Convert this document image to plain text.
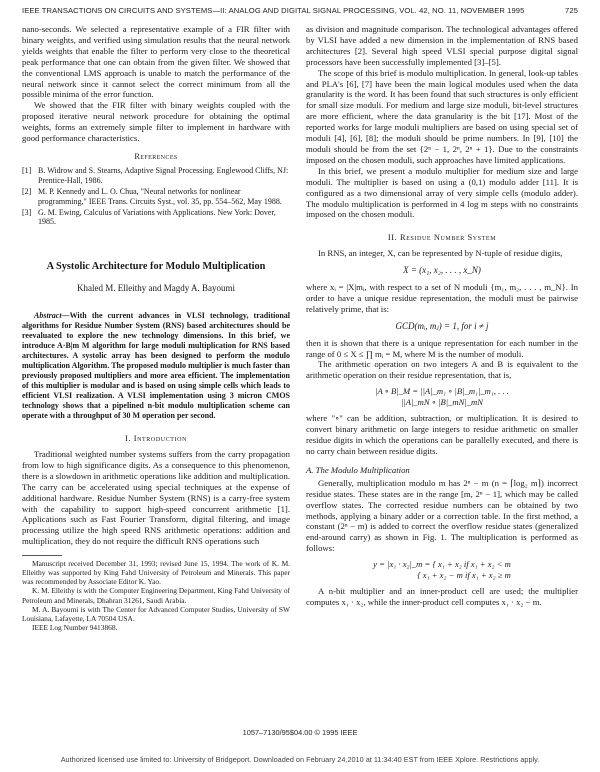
IEEE TRANSACTIONS ON CIRCUITS AND SYSTEMS—II: ANALOG AND DIGITAL SIGNAL PROCESSING, VOL. 42, NO. 11, NOVEMBER 1995	725

nano-seconds. We selected a representative example of a FIR filter with binary weights, and verified using simulation results that the neural network yields weights that enable the filter to perform very close to the theoretical peak performance that one can obtain from the given filter. We showed that the conventional LMS approach is unable to match the performance of the neural network since it cannot select the correct minimum from all the possible minima of the error function.

We showed that the FIR filter with binary weights coupled with the proposed iterative neural network procedure for obtaining the optimal weights, forms an extremely simple filter to implement in hardware with good performance characteristics.

References
[1] B. Widrow and S. Stearns, Adaptive Signal Processing. Englewood Cliffs, NJ: Prentice-Hall, 1986.
[2] M. P. Kennedy and L. O. Chua, "Neural networks for nonlinear programming," IEEE Trans. Circuits Syst., vol. 35, pp. 554–562, May 1988.
[3] G. M. Ewing, Calculus of Variations with Applications. New York: Dover, 1985.
A Systolic Architecture for Modulo Multiplication
Khaled M. Elleithy and Magdy A. Bayoumi

Abstract—With the current advances in VLSI technology, traditional algorithms for Residue Number System (RNS) based architectures should be reevaluated to explore the new technology dimensions. In this brief, we introduce A·B|m M algorithm for large moduli multiplication for RNS based architectures. A systolic array has been designed to perform the modulo multiplication Algorithm. The proposed modulo multiplier is much faster than previously proposed multipliers and more area efficient. The implementation of this multiplier is modular and is based on using simple cells which leads to efficient VLSI realization. A VLSI implementation using 3 micron CMOS technology shows that a pipelined n-bit modulo multiplication scheme can operate with a throughput of 30 M operation per second.

I. Introduction

Traditional weighted number systems suffers from the carry propagation from low to high significance digits. As a consequence to this phenomenon, there is a slowdown in arithmetic operations like addition and multiplication. The carry can be accelerated using special techniques at the expense of additional hardware. Residue Number System (RNS) is a carry-free system with the capability to support high-speed concurrent arithmetic [1]. Applications such as Fast Fourier Transform, digital filtering, and image processing utilize the high speed RNS arithmetic operations: addition and multiplication, they do not require the difficult RNS operations such

Manuscript received December 31, 1993; revised June 15, 1994. The work of K. M. Elleithy was supported by King Fahd University of Petroleum and Minerals. This paper was recommended by Associate Editor K. Yao.

K. M. Elleithy is with the Computer Engineering Department, King Fahd University of Petroleum and Minerals, Dhahran 31261, Saudi Arabia.

M. A. Bayoumi is with The Center for Advanced Computer Studies, University of SW Louisiana, Lafayette, LA 70504 USA.

IEEE Log Number 9413868.

as division and magnitude comparison. The technological advantages offered by VLSI have added a new dimension in the implementation of RNS based architectures [2]. Several high speed VLSI special purpose digital signal processors have been successfully implemented [3]–[5].

The scope of this brief is modulo multiplication. In general, look-up tables and PLA's [6], [7] have been the main logical modules used when the data granularity is the word. It has been found that such structures is only efficient for small size moduli. For medium and large size moduli, bit-level structures are more efficient, where the data granularity is the bit [17]. Most of the reported works for large moduli multipliers are based on using special set of moduli [4], [6], [8]; the moduli should be prime numbers. In [9], [10] the moduli should be from the set {2ⁿ − 1, 2ⁿ, 2ⁿ + 1}. Due to the constraints imposed on the chosen moduli, such approaches have limited applications.

In this brief, we present a modulo multiplier for medium size and large moduli. The multiplier is based on using a (0,1) modulo adder [11]. It is configured as a two dimensional array of very simple cells (modulo adder). The modulo multiplication is performed in 4 log m steps with no constraints imposed on the chosen moduli.

II. Residue Number System

In RNS, an integer, X, can be represented by N-tuple of residue digits,

X = (x₁, x₂, . . . , x_N)

where xᵢ = |X|mᵢ, with respect to a set of N moduli {m₁, m₂, . . . , m_N}. In order to have a unique residue representation, the moduli must be pairwise relatively prime, that is:

GCD(mᵢ, mⱼ) = 1, for i ≠ j

then it is shown that there is a unique representation for each number in the range of 0 ≤ X ≤ ∏ mᵢ = M, where M is the number of moduli.

The arithmetic operation on two integers A and B is equivalent to the arithmetic operation on their residue representation, that is,

|A ∘ B|_M = ||A|_m₁ ∘ |B|_m₁|_m₁, . . .
||A|_mN ∘ |B|_mN|_mN

where "∘" can be addition, subtraction, or multiplication. It is desired to convert binary arithmetic on large integers to residue arithmetic on smaller residue digits in which the operations can be parallelly executed, and there is no carry chain between residue digits.

A. The Modulo Multiplication

Generally, multiplication modulo m has 2ⁿ − m (n = ⌈log₂ m⌉) incorrect residue states. These states are in the range [m, 2ⁿ − 1], which may be called overflow states. The corrected residue numbers can be obtained by two methods, applying a binary adder or a correction table. In the first method, a constant (2ⁿ − m) is added to correct the overflow residue states (generalized end-around carry) as shown in Fig. 1. The multiplication is performed as follows:

y = |x₁ · x₂|_m = { x₁ + x₂ if x₁ + x₂ < m
{ x₁ + x₂ − m if x₁ + x₂ ≥ m

A n-bit multiplier and an inner-product cell are used; the multiplier computes x₁ · x₂, while the inner-product cell computes x₁ · x₂ − m.

1057–7130/95$04.00 © 1995 IEEE
Authorized licensed use limited to: University of Bridgeport. Downloaded on February 24,2010 at 11:34:40 EST from IEEE Xplore. Restrictions apply.
